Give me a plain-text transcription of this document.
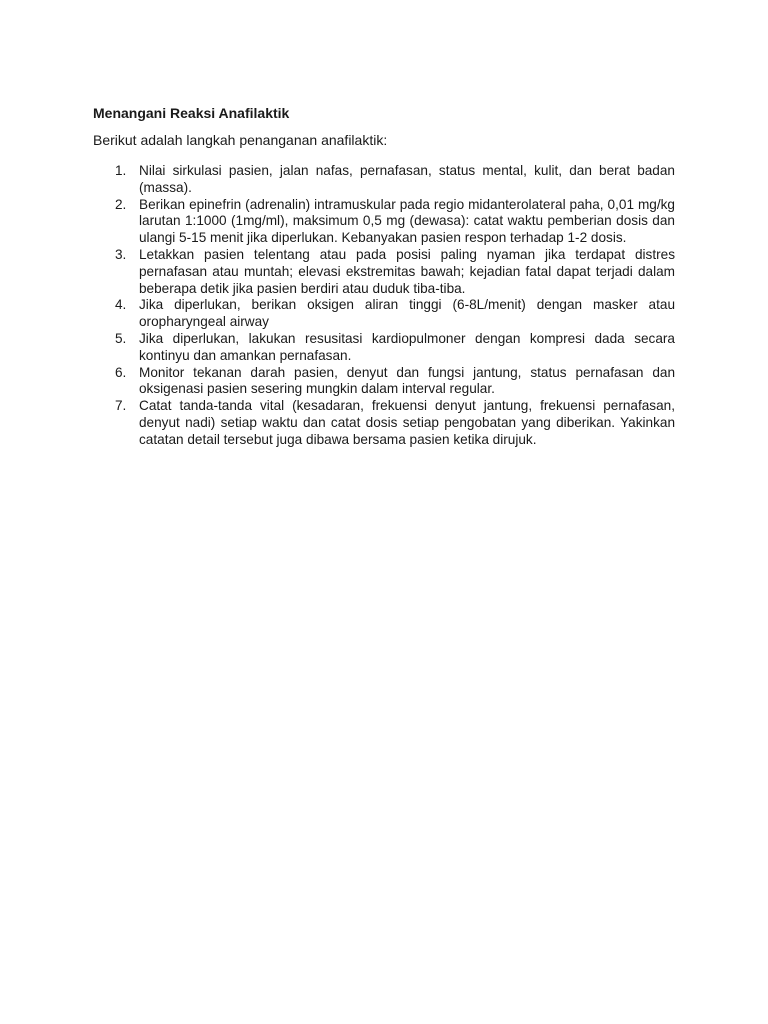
Menangani Reaksi Anafilaktik

Berikut adalah langkah penanganan anafilaktik:

1. Nilai sirkulasi pasien, jalan nafas, pernafasan, status mental, kulit, dan berat badan (massa).
2. Berikan epinefrin (adrenalin) intramuskular pada regio midanterolateral paha, 0,01 mg/kg larutan 1:1000 (1mg/ml), maksimum 0,5 mg (dewasa): catat waktu pemberian dosis dan ulangi 5-15 menit jika diperlukan. Kebanyakan pasien respon terhadap 1-2 dosis.
3. Letakkan pasien telentang atau pada posisi paling nyaman jika terdapat distres pernafasan atau muntah; elevasi ekstremitas bawah; kejadian fatal dapat terjadi dalam beberapa detik jika pasien berdiri atau duduk tiba-tiba.
4. Jika diperlukan, berikan oksigen aliran tinggi (6-8L/menit) dengan masker atau oropharyngeal airway
5. Jika diperlukan, lakukan resusitasi kardiopulmoner dengan kompresi dada secara kontinyu dan amankan pernafasan.
6. Monitor tekanan darah pasien, denyut dan fungsi jantung, status pernafasan dan oksigenasi pasien sesering mungkin dalam interval regular.
7. Catat tanda-tanda vital (kesadaran, frekuensi denyut jantung, frekuensi pernafasan, denyut nadi) setiap waktu dan catat dosis setiap pengobatan yang diberikan. Yakinkan catatan detail tersebut juga dibawa bersama pasien ketika dirujuk.
